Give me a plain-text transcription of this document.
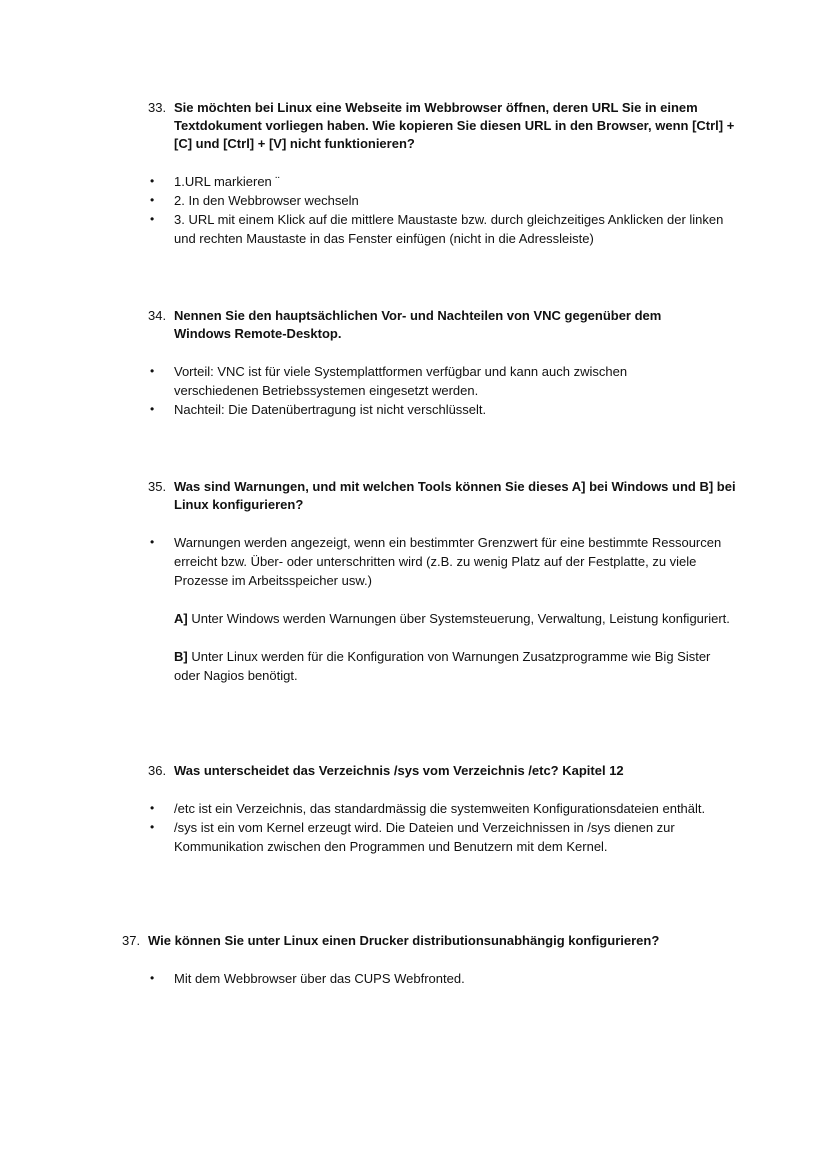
33. Sie möchten bei Linux eine Webseite im Webbrowser öffnen, deren URL Sie in einem Textdokument vorliegen haben. Wie kopieren Sie diesen URL in den Browser, wenn [Ctrl] + [C] und [Ctrl] + [V] nicht funktionieren?
• 1.URL markieren ¨
• 2. In den Webbrowser wechseln
• 3. URL mit einem Klick auf die mittlere Maustaste bzw. durch gleichzeitiges Anklicken der linken und rechten Maustaste in das Fenster einfügen (nicht in die Adressleiste)
34. Nennen Sie den hauptsächlichen Vor- und Nachteilen von VNC gegenüber dem Windows Remote-Desktop.
• Vorteil: VNC ist für viele Systemplattformen verfügbar und kann auch zwischen verschiedenen Betriebssystemen eingesetzt werden.
• Nachteil: Die Datenübertragung ist nicht verschlüsselt.
35. Was sind Warnungen, und mit welchen Tools können Sie dieses A] bei Windows und B] bei Linux konfigurieren?
• Warnungen werden angezeigt, wenn ein bestimmter Grenzwert für eine bestimmte Ressourcen erreicht bzw. Über- oder unterschritten wird (z.B. zu wenig Platz auf der Festplatte, zu viele Prozesse im Arbeitsspeicher usw.)
A] Unter Windows werden Warnungen über Systemsteuerung, Verwaltung, Leistung konfiguriert.
B] Unter Linux werden für die Konfiguration von Warnungen Zusatzprogramme wie Big Sister oder Nagios benötigt.
36. Was unterscheidet das Verzeichnis /sys vom Verzeichnis /etc? Kapitel 12
• /etc ist ein Verzeichnis, das standardmässig die systemweiten Konfigurationsdateien enthält.
• /sys ist ein vom Kernel erzeugt wird. Die Dateien und Verzeichnissen in /sys dienen zur Kommunikation zwischen den Programmen und Benutzern mit dem Kernel.
37. Wie können Sie unter Linux einen Drucker distributionsunabhängig konfigurieren?
• Mit dem Webbrowser über das CUPS Webfronted.
